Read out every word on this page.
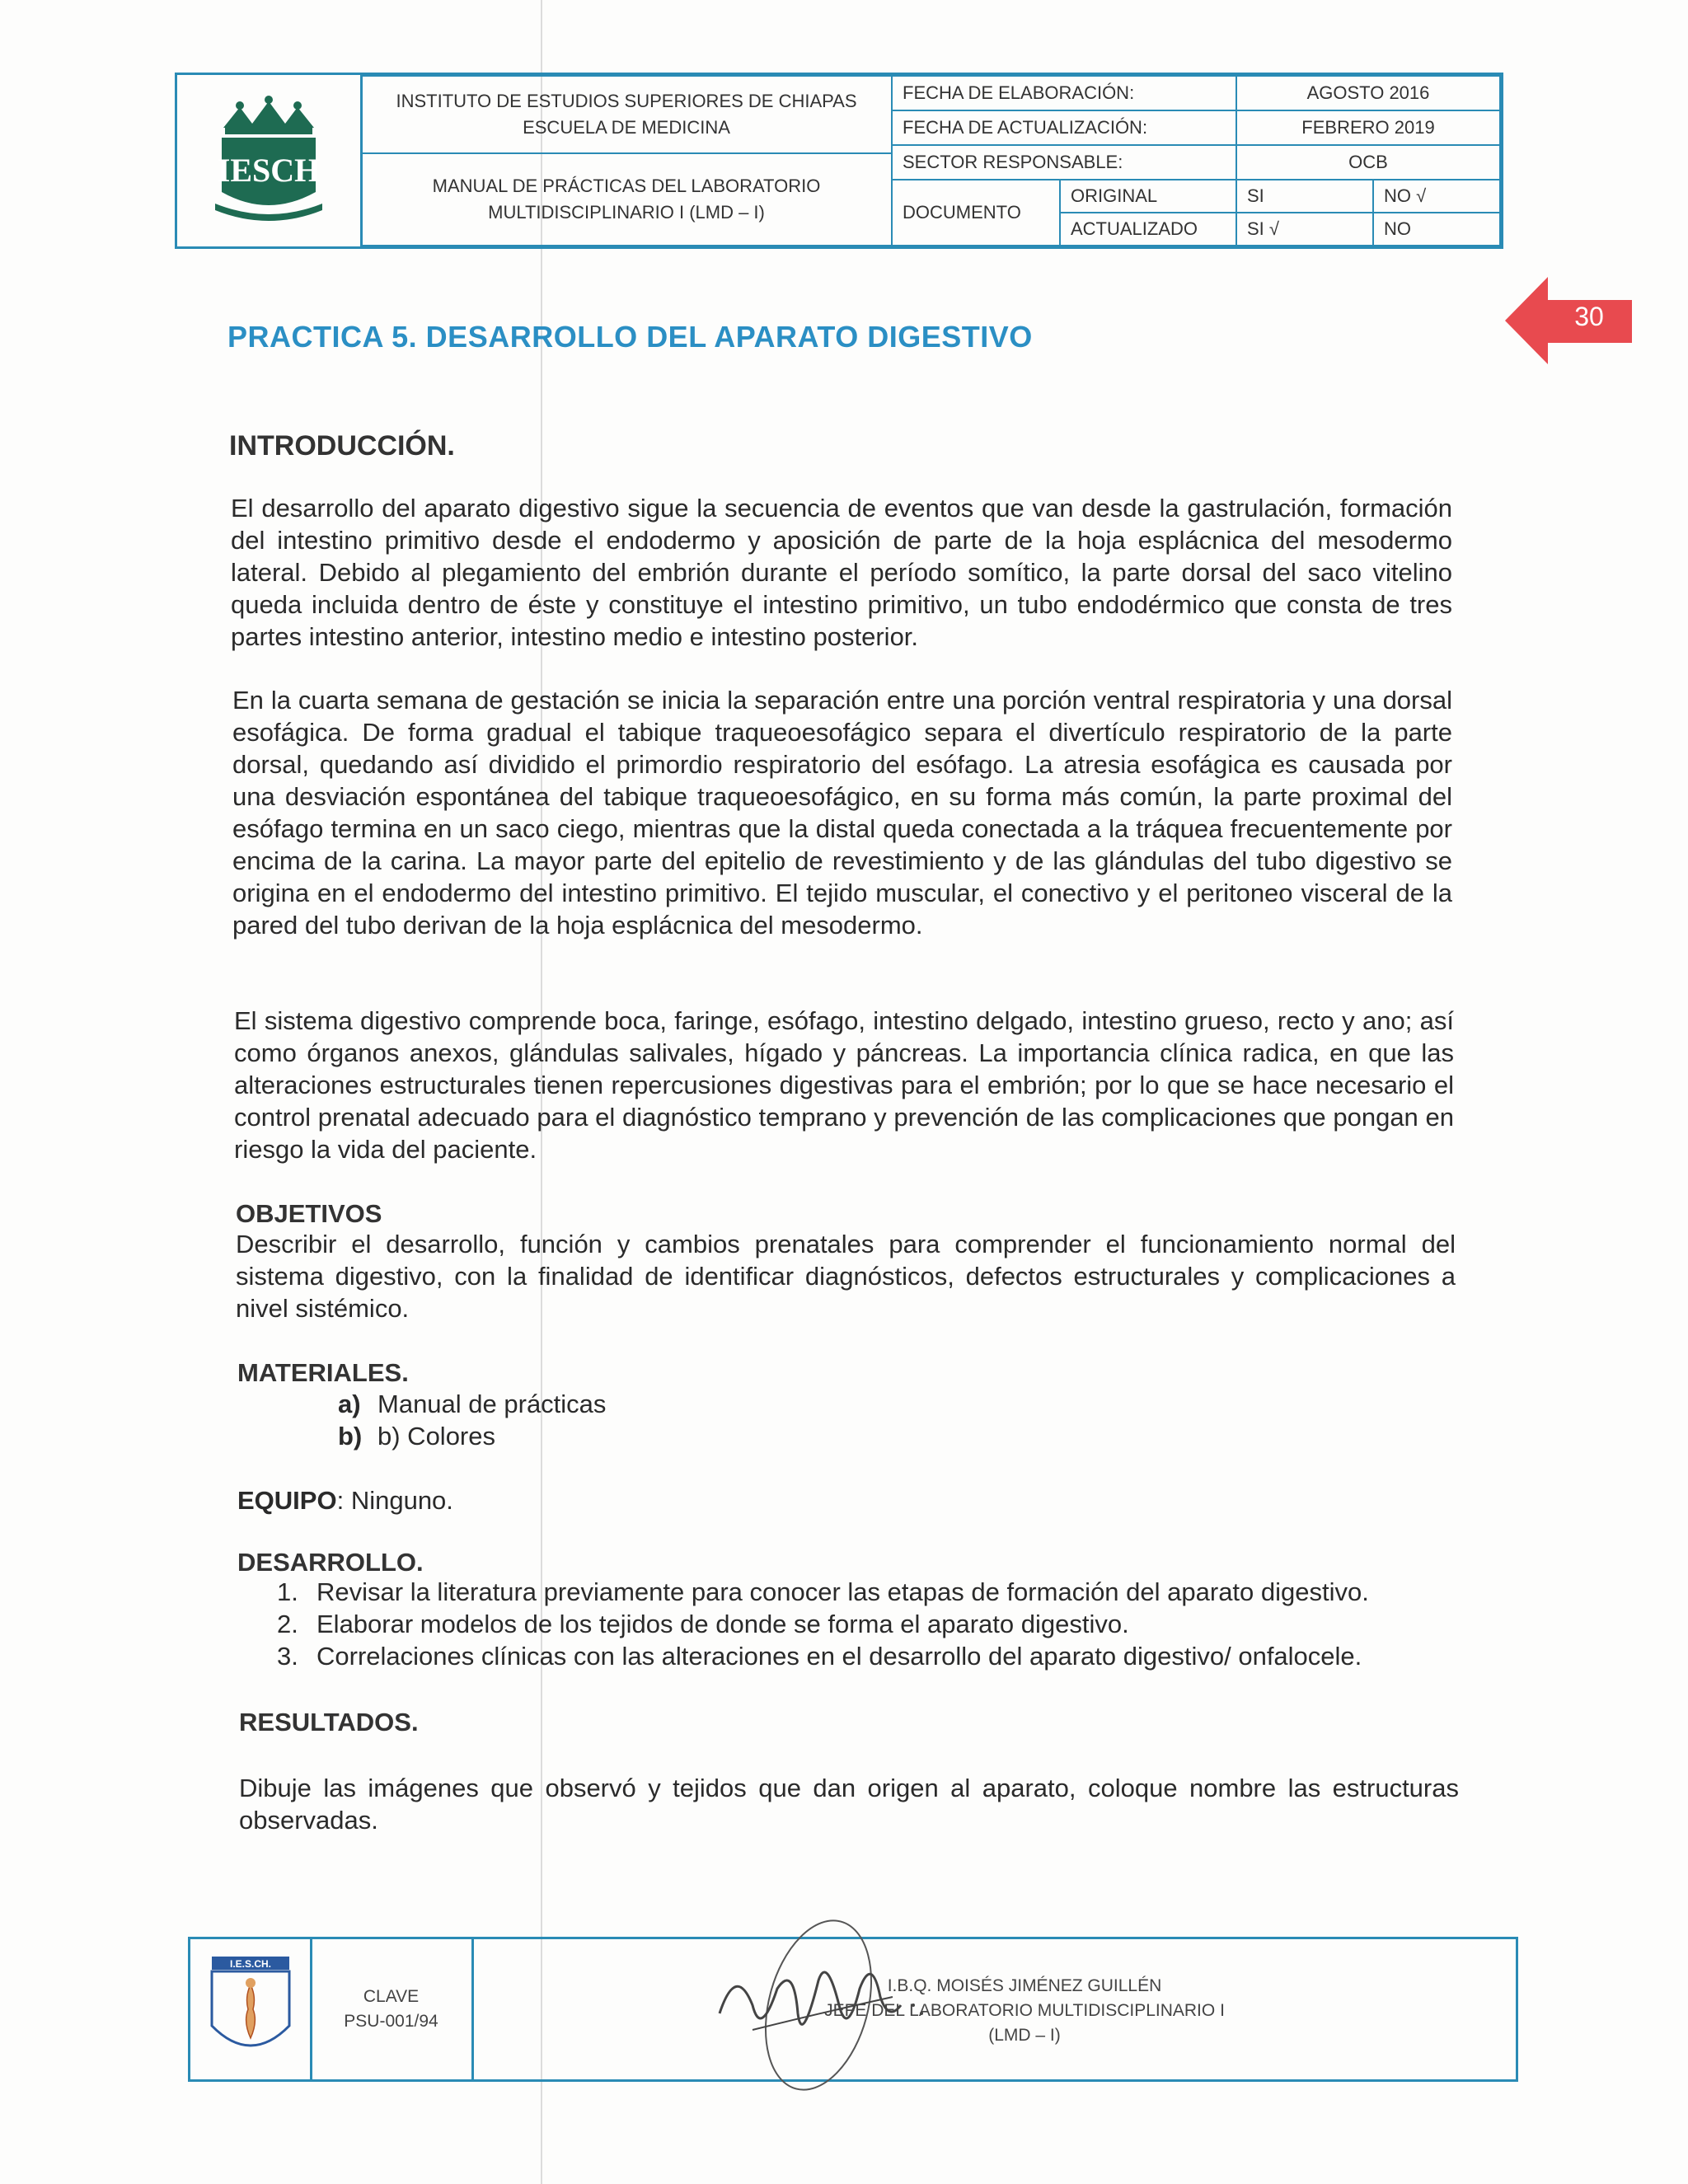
IESCH
INSTITUTO DE ESTUDIOS SUPERIORES DE CHIAPAS
ESCUELA DE MEDICINA
MANUAL DE PRÁCTICAS DEL LABORATORIO
MULTIDISCIPLINARIO I (LMD – I)
FECHA DE ELABORACIÓN:	AGOSTO 2016
FECHA DE ACTUALIZACIÓN:	FEBRERO 2019
SECTOR RESPONSABLE:	OCB
DOCUMENTO
ORIGINAL	SI	NO √
ACTUALIZADO	SI √	NO
30
PRACTICA 5. DESARROLLO DEL APARATO DIGESTIVO
INTRODUCCIÓN.

El desarrollo del aparato digestivo sigue la secuencia de eventos que van desde la gastrulación, formación del intestino primitivo desde el endodermo y aposición de parte de la hoja esplácnica del mesodermo lateral. Debido al plegamiento del embrión durante el período somítico, la parte dorsal del saco vitelino queda incluida dentro de éste y constituye el intestino primitivo, un tubo endodérmico que consta de tres partes intestino anterior, intestino medio e intestino posterior.

En la cuarta semana de gestación se inicia la separación entre una porción ventral respiratoria y una dorsal esofágica. De forma gradual el tabique traqueoesofágico separa el divertículo respiratorio de la parte dorsal, quedando así dividido el primordio respiratorio del esófago. La atresia esofágica es causada por una desviación espontánea del tabique traqueoesofágico, en su forma más común, la parte proximal del esófago termina en un saco ciego, mientras que la distal queda conectada a la tráquea frecuentemente por encima de la carina. La mayor parte del epitelio de revestimiento y de las glándulas del tubo digestivo se origina en el endodermo del intestino primitivo. El tejido muscular, el conectivo y el peritoneo visceral de la pared del tubo derivan de la hoja esplácnica del mesodermo.

El sistema digestivo comprende boca, faringe, esófago, intestino delgado, intestino grueso, recto y ano; así como órganos anexos, glándulas salivales, hígado y páncreas. La importancia clínica radica, en que las alteraciones estructurales tienen repercusiones digestivas para el embrión; por lo que se hace necesario el control prenatal adecuado para el diagnóstico temprano y prevención de las complicaciones que pongan en riesgo la vida del paciente.

OBJETIVOS

Describir el desarrollo, función y cambios prenatales para comprender el funcionamiento normal del sistema digestivo, con la finalidad de identificar diagnósticos, defectos estructurales y complicaciones a nivel sistémico.

MATERIALES.
a) Manual de prácticas
b) b) Colores
EQUIPO: Ninguno.
DESARROLLO.
1. Revisar la literatura previamente para conocer las etapas de formación del aparato digestivo.
2. Elaborar modelos de los tejidos de donde se forma el aparato digestivo.
3. Correlaciones clínicas con las alteraciones en el desarrollo del aparato digestivo/ onfalocele.
RESULTADOS.

Dibuje las imágenes que observó y tejidos que dan origen al aparato, coloque nombre las estructuras observadas.

I.E.S.CH.
CLAVE
PSU-001/94
I.B.Q. MOISÉS JIMÉNEZ GUILLÉN
JEFE DEL LABORATORIO MULTIDISCIPLINARIO I
(LMD – I)
